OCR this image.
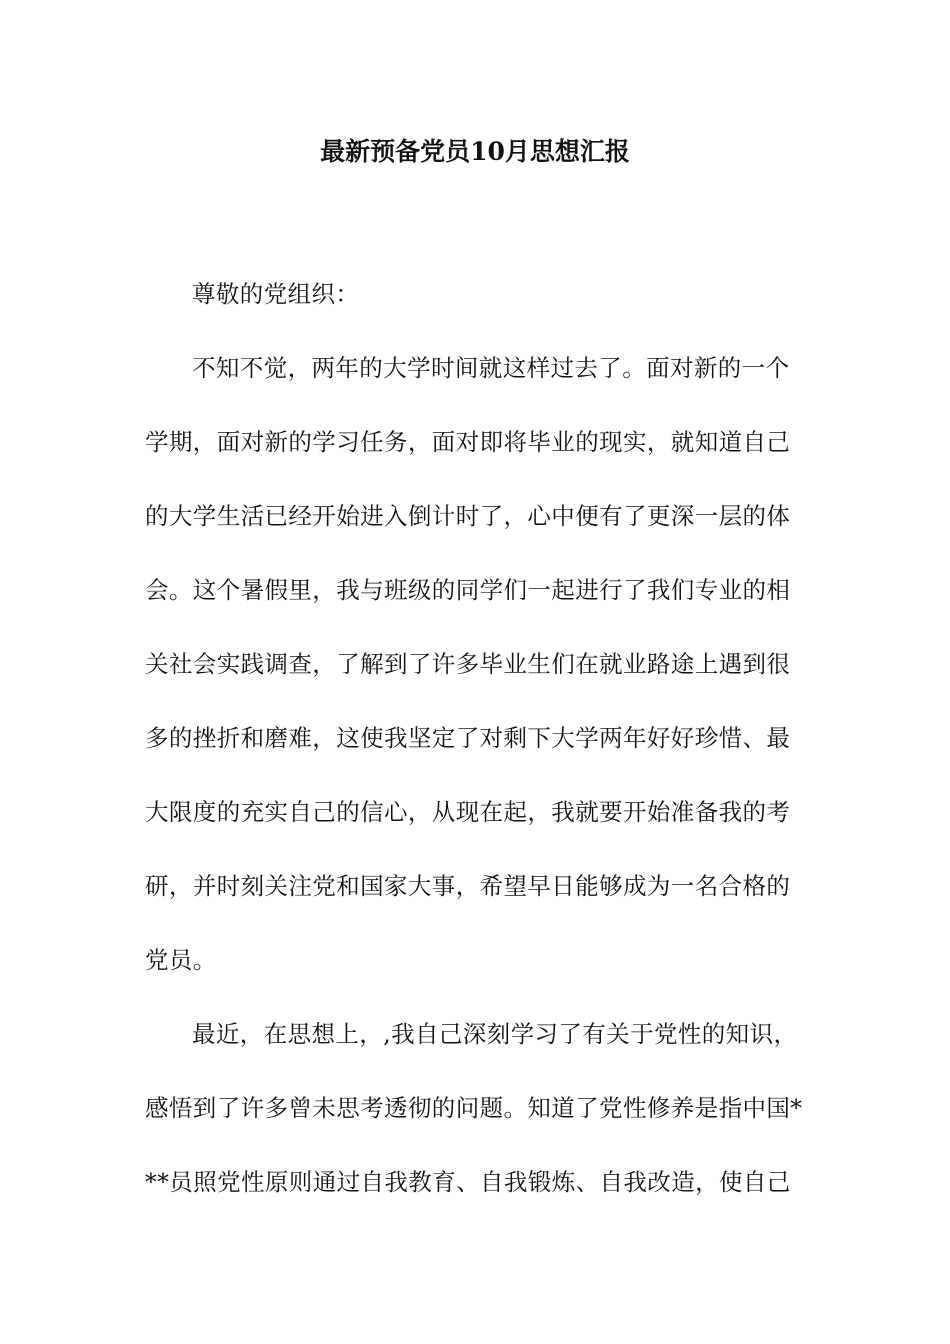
最新预备党员10月思想汇报
尊敬的党组织：
不知不觉，两年的大学时间就这样过去了。面对新的一个
学期，面对新的学习任务，面对即将毕业的现实，就知道自己
的大学生活已经开始进入倒计时了，心中便有了更深一层的体
会。这个暑假里，我与班级的同学们一起进行了我们专业的相
关社会实践调查，了解到了许多毕业生们在就业路途上遇到很
多的挫折和磨难，这使我坚定了对剩下大学两年好好珍惜、最
大限度的充实自己的信心，从现在起，我就要开始准备我的考
研，并时刻关注党和国家大事，希望早日能够成为一名合格的
党员。
最近，在思想上，,我自己深刻学习了有关于党性的知识，
感悟到了许多曾未思考透彻的问题。知道了党性修养是指中国*
**员照党性原则通过自我教育、自我锻炼、自我改造，使自己
